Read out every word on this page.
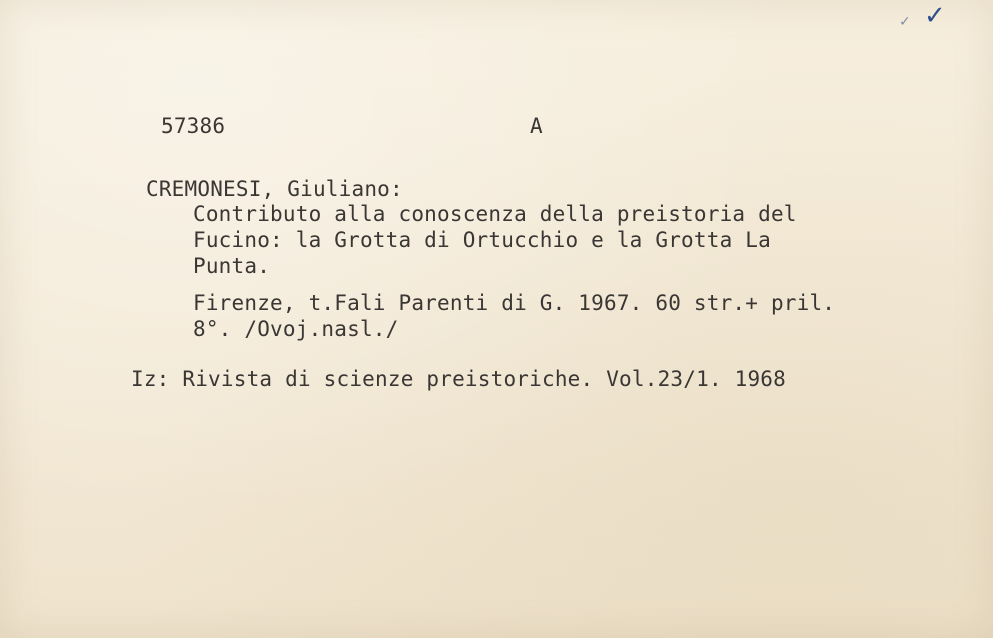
✓ ✓
57386	A
CREMONESI, Giuliano:
Contributo alla conoscenza della preistoria del
Fucino: la Grotta di Ortucchio e la Grotta La
Punta.
Firenze, t.Fali Parenti di G. 1967. 60 str.+ pril.
8°. /Ovoj.nasl./
Iz: Rivista di scienze preistoriche. Vol.23/1. 1968
